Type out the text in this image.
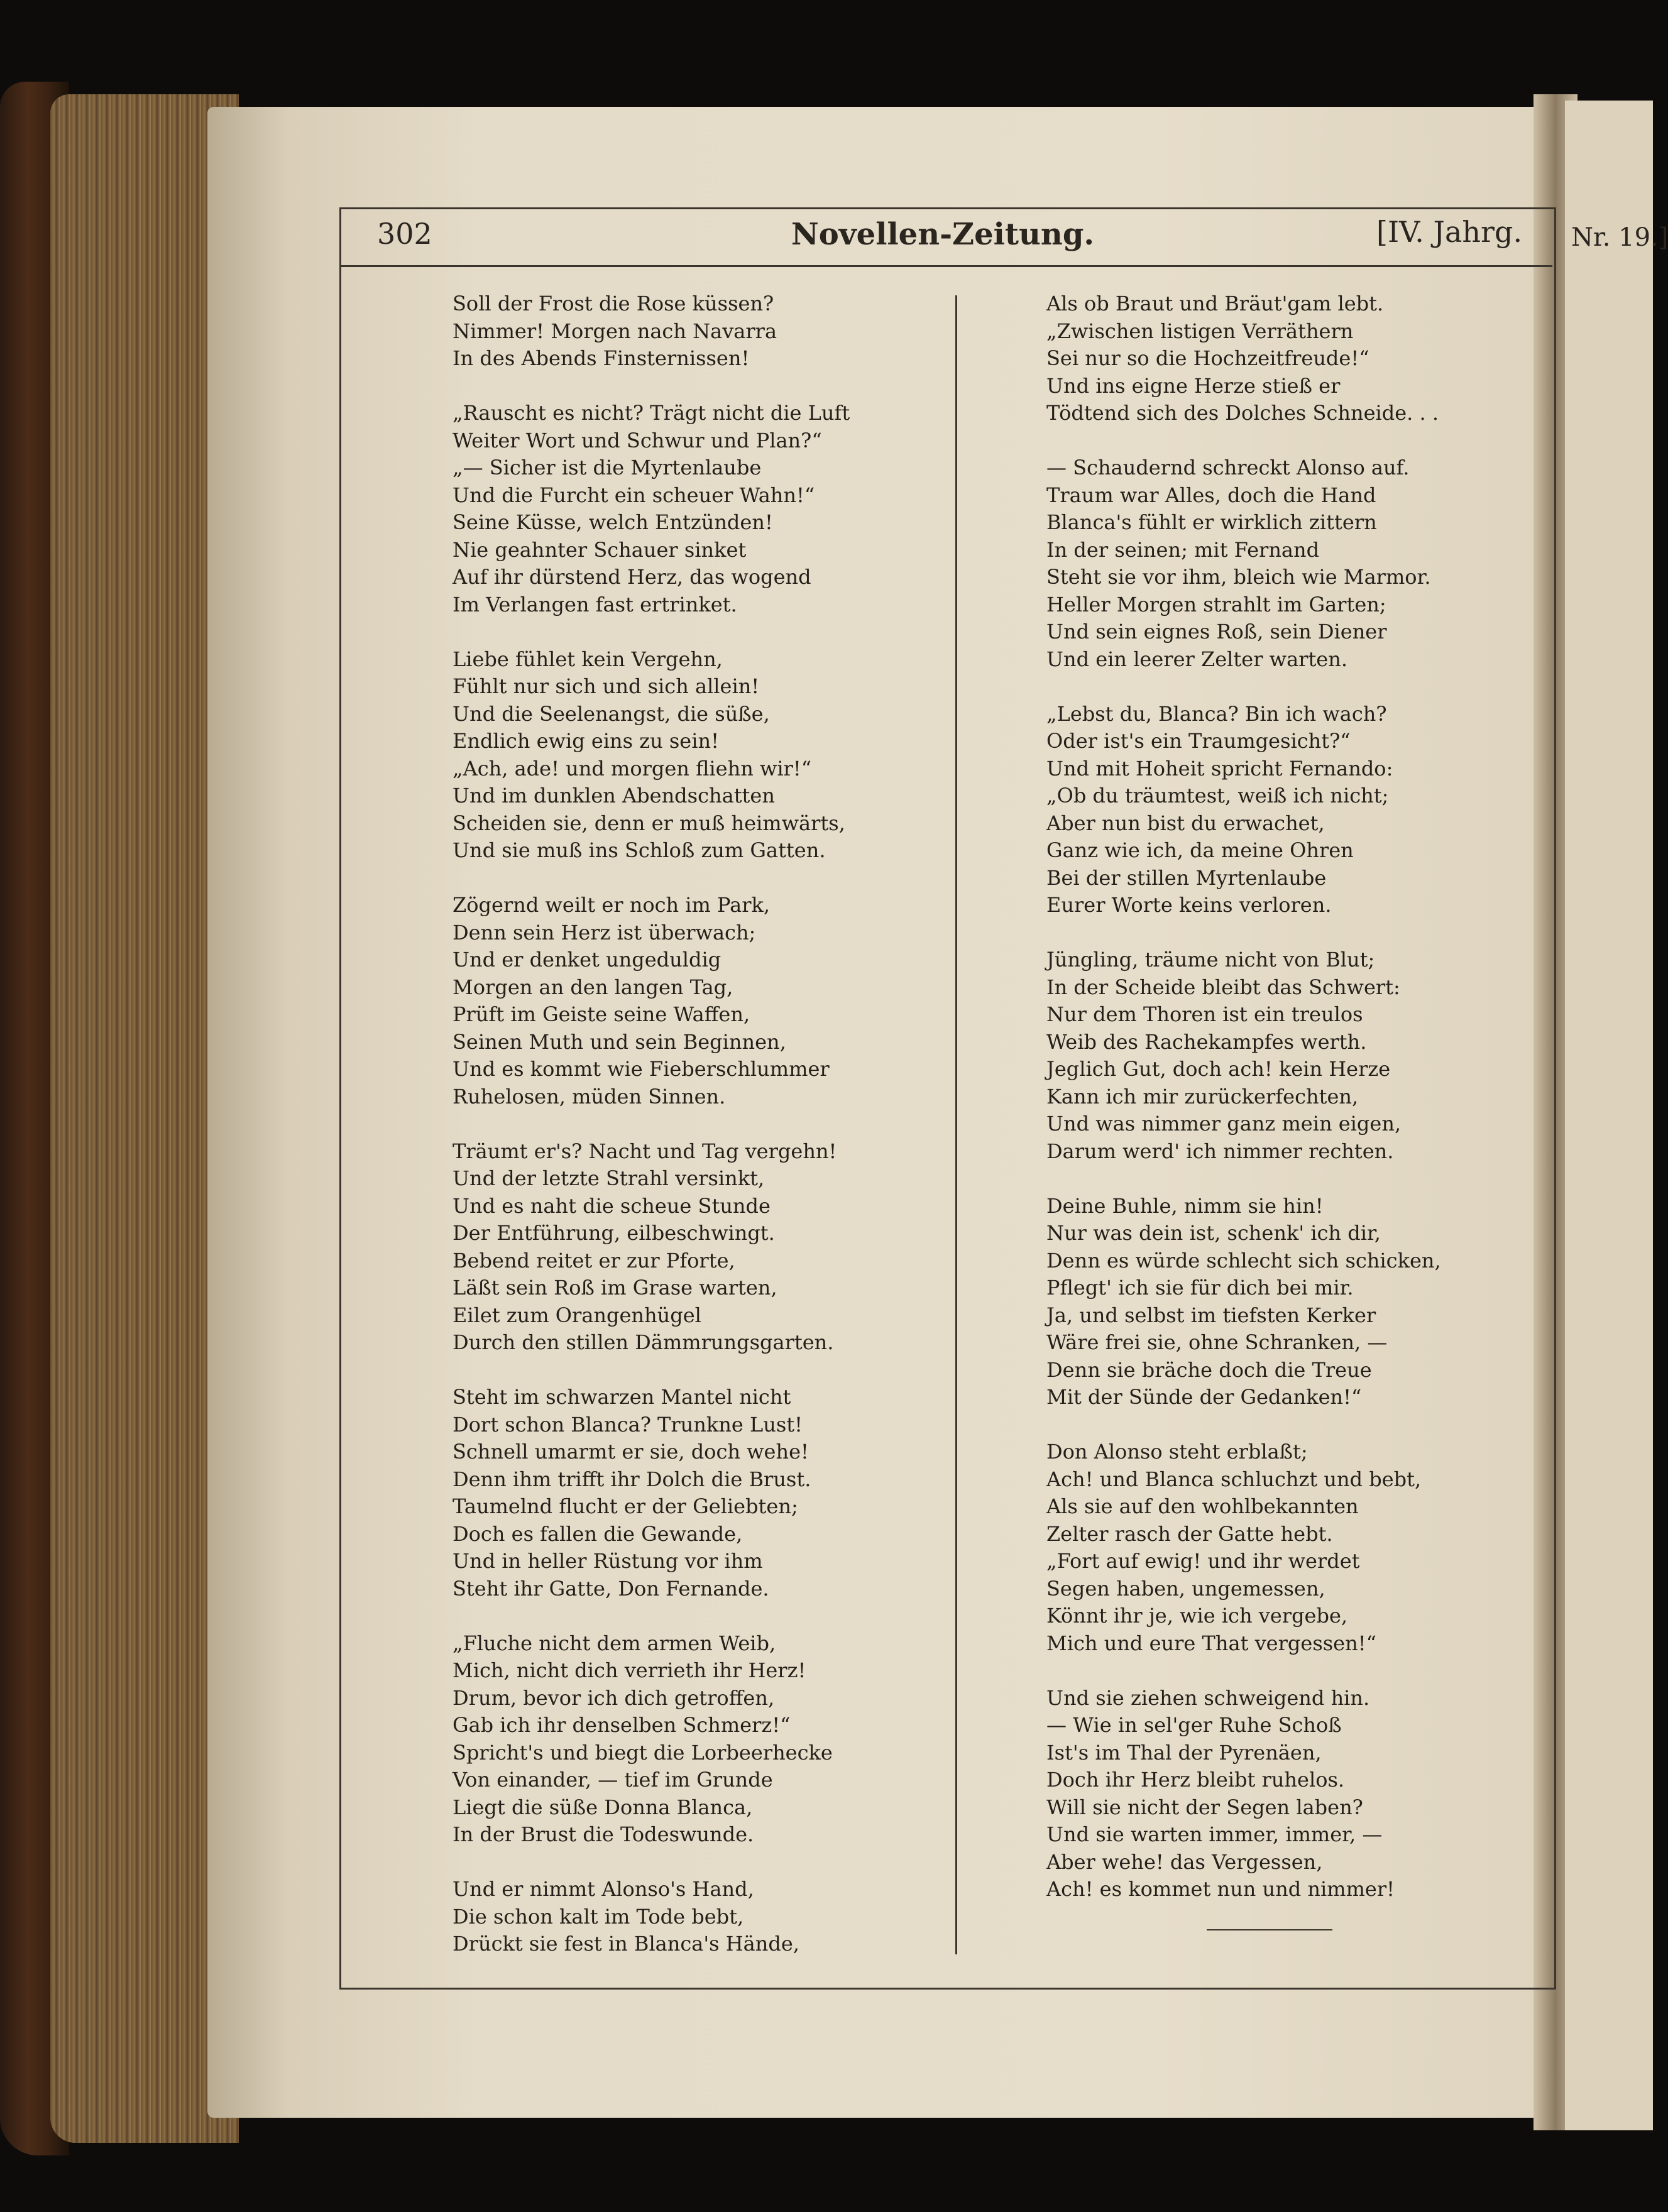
302	Novellen-Zeitung.	[IV. Jahrg. Nr. 19.]

Soll der Frost die Rose küssen?
Nimmer! Morgen nach Navarra
In des Abends Finsternissen!

„Rauscht es nicht? Trägt nicht die Luft
Weiter Wort und Schwur und Plan?“
„— Sicher ist die Myrtenlaube
Und die Furcht ein scheuer Wahn!“
Seine Küsse, welch Entzünden!
Nie geahnter Schauer sinket
Auf ihr dürstend Herz, das wogend
Im Verlangen fast ertrinket.

Liebe fühlet kein Vergehn,
Fühlt nur sich und sich allein!
Und die Seelenangst, die süße,
Endlich ewig eins zu sein!
„Ach, ade! und morgen fliehn wir!“
Und im dunklen Abendschatten
Scheiden sie, denn er muß heimwärts,
Und sie muß ins Schloß zum Gatten.

Zögernd weilt er noch im Park,
Denn sein Herz ist überwach;
Und er denket ungeduldig
Morgen an den langen Tag,
Prüft im Geiste seine Waffen,
Seinen Muth und sein Beginnen,
Und es kommt wie Fieberschlummer
Ruhelosen, müden Sinnen.

Träumt er's? Nacht und Tag vergehn!
Und der letzte Strahl versinkt,
Und es naht die scheue Stunde
Der Entführung, eilbeschwingt.
Bebend reitet er zur Pforte,
Läßt sein Roß im Grase warten,
Eilet zum Orangenhügel
Durch den stillen Dämmrungsgarten.

Steht im schwarzen Mantel nicht
Dort schon Blanca? Trunkne Lust!
Schnell umarmt er sie, doch wehe!
Denn ihm trifft ihr Dolch die Brust.
Taumelnd flucht er der Geliebten;
Doch es fallen die Gewande,
Und in heller Rüstung vor ihm
Steht ihr Gatte, Don Fernande.

„Fluche nicht dem armen Weib,
Mich, nicht dich verrieth ihr Herz!
Drum, bevor ich dich getroffen,
Gab ich ihr denselben Schmerz!“
Spricht's und biegt die Lorbeerhecke
Von einander, — tief im Grunde
Liegt die süße Donna Blanca,
In der Brust die Todeswunde.

Und er nimmt Alonso's Hand,
Die schon kalt im Tode bebt,
Drückt sie fest in Blanca's Hände,

Als ob Braut und Bräut'gam lebt.
„Zwischen listigen Verräthern
Sei nur so die Hochzeitfreude!“
Und ins eigne Herze stieß er
Tödtend sich des Dolches Schneide. . .

— Schaudernd schreckt Alonso auf.
Traum war Alles, doch die Hand
Blanca's fühlt er wirklich zittern
In der seinen; mit Fernand
Steht sie vor ihm, bleich wie Marmor.
Heller Morgen strahlt im Garten;
Und sein eignes Roß, sein Diener
Und ein leerer Zelter warten.

„Lebst du, Blanca? Bin ich wach?
Oder ist's ein Traumgesicht?“
Und mit Hoheit spricht Fernando:
„Ob du träumtest, weiß ich nicht;
Aber nun bist du erwachet,
Ganz wie ich, da meine Ohren
Bei der stillen Myrtenlaube
Eurer Worte keins verloren.

Jüngling, träume nicht von Blut;
In der Scheide bleibt das Schwert:
Nur dem Thoren ist ein treulos
Weib des Rachekampfes werth.
Jeglich Gut, doch ach! kein Herze
Kann ich mir zurückerfechten,
Und was nimmer ganz mein eigen,
Darum werd' ich nimmer rechten.

Deine Buhle, nimm sie hin!
Nur was dein ist, schenk' ich dir,
Denn es würde schlecht sich schicken,
Pflegt' ich sie für dich bei mir.
Ja, und selbst im tiefsten Kerker
Wäre frei sie, ohne Schranken, —
Denn sie bräche doch die Treue
Mit der Sünde der Gedanken!“

Don Alonso steht erblaßt;
Ach! und Blanca schluchzt und bebt,
Als sie auf den wohlbekannten
Zelter rasch der Gatte hebt.
„Fort auf ewig! und ihr werdet
Segen haben, ungemessen,
Könnt ihr je, wie ich vergebe,
Mich und eure That vergessen!“

Und sie ziehen schweigend hin.
— Wie in sel'ger Ruhe Schoß
Ist's im Thal der Pyrenäen,
Doch ihr Herz bleibt ruhelos.
Will sie nicht der Segen laben?
Und sie warten immer, immer, —
Aber wehe! das Vergessen,
Ach! es kommet nun und nimmer!
